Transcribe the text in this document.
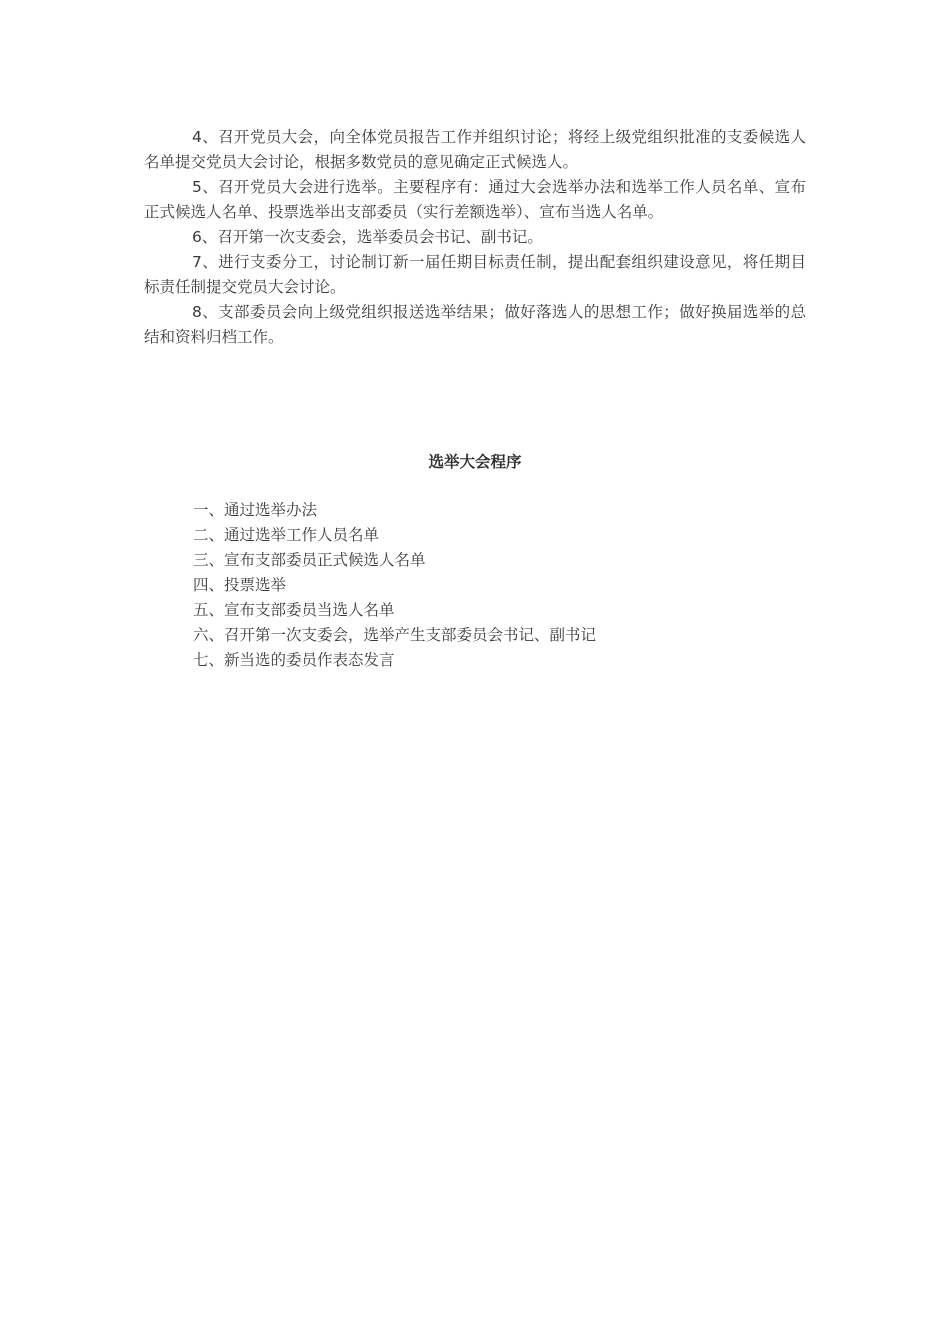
4、召开党员大会，向全体党员报告工作并组织讨论；将经上级党组织批准的支委候选人名单提交党员大会讨论，根据多数党员的意见确定正式候选人。

5、召开党员大会进行选举。主要程序有：通过大会选举办法和选举工作人员名单、宣布正式候选人名单、投票选举出支部委员（实行差额选举）、宣布当选人名单。

6、召开第一次支委会，选举委员会书记、副书记。

7、进行支委分工，讨论制订新一届任期目标责任制，提出配套组织建设意见，将任期目标责任制提交党员大会讨论。

8、支部委员会向上级党组织报送选举结果；做好落选人的思想工作；做好换届选举的总结和资料归档工作。

选举大会程序
一、通过选举办法
二、通过选举工作人员名单
三、宣布支部委员正式候选人名单
四、投票选举
五、宣布支部委员当选人名单
六、召开第一次支委会，选举产生支部委员会书记、副书记
七、新当选的委员作表态发言
